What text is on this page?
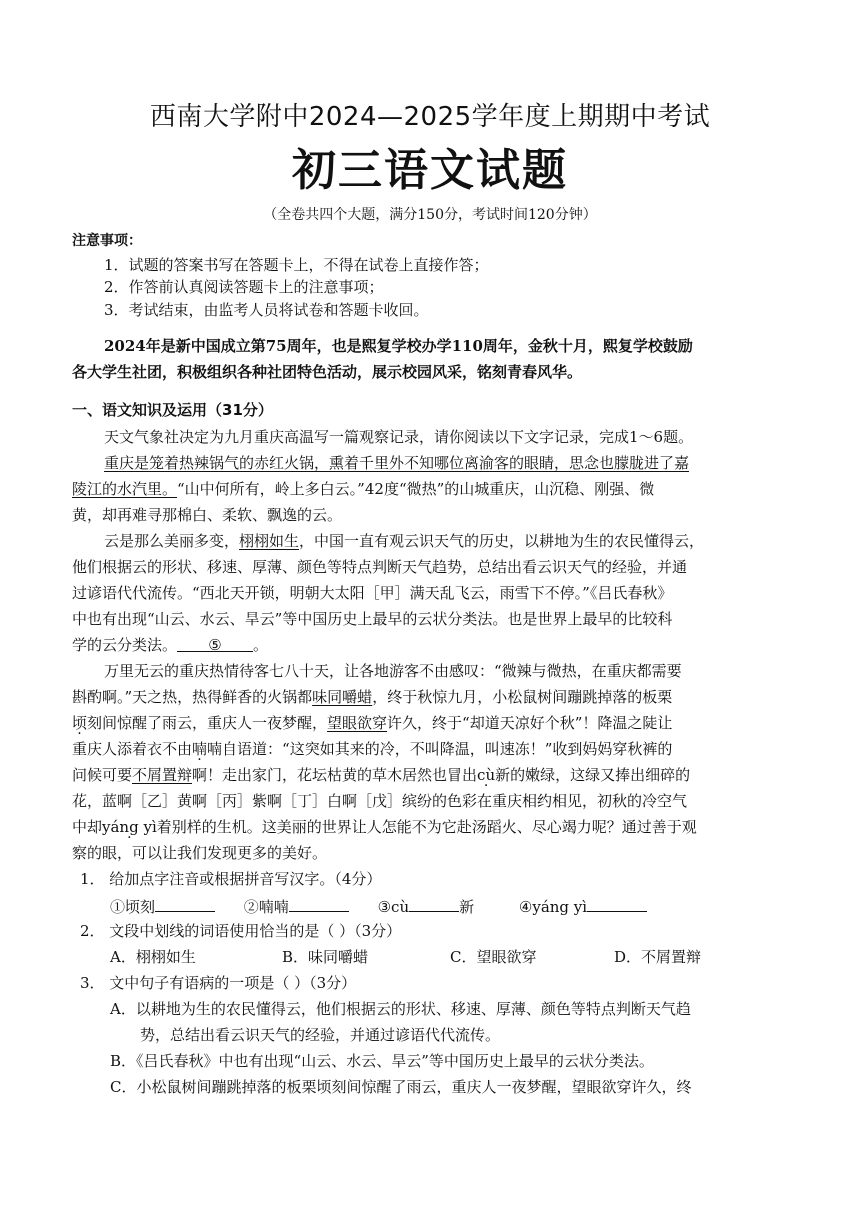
西南大学附中2024—2025学年度上期期中考试
初三语文试题
（全卷共四个大题，满分150分，考试时间120分钟）
注意事项：
1．试题的答案书写在答题卡上，不得在试卷上直接作答；
2．作答前认真阅读答题卡上的注意事项；
3．考试结束，由监考人员将试卷和答题卡收回。
2024年是新中国成立第75周年，也是熙复学校办学110周年，金秋十月，熙复学校鼓励
各大学生社团，积极组织各种社团特色活动，展示校园风采，铭刻青春风华。
一、语文知识及运用（31分）
天文气象社决定为九月重庆高温写一篇观察记录，请你阅读以下文字记录，完成1～6题。
重庆是笼着热辣锅气的赤红火锅，熏着千里外不知哪位离渝客的眼睛，思念也朦胧进了嘉
陵江的水汽里。“山中何所有，岭上多白云。”42度“微热”的山城重庆，山沉稳、刚强、微
黄，却再难寻那棉白、柔软、飘逸的云。
云是那么美丽多变，栩栩如生，中国一直有观云识天气的历史，以耕地为生的农民懂得云，
他们根据云的形状、移速、厚薄、颜色等特点判断天气趋势，总结出看云识天气的经验，并通
过谚语代代流传。“西北天开锁，明朝大太阳［甲］满天乱飞云，雨雪下不停。”《吕氏春秋》
中也有出现“山云、水云、旱云”等中国历史上最早的云状分类法。也是世界上最早的比较科
学的云分类法。 ⑤ 。
万里无云的重庆热情待客七八十天，让各地游客不由感叹：“微辣与微热，在重庆都需要
斟酌啊。”天之热，热得鲜香的火锅都味同嚼蜡，终于秋惊九月，小松鼠树间蹦跳掉落的板栗
顷刻间惊醒了雨云，重庆人一夜梦醒，望眼欲穿许久，终于“却道天凉好个秋”！降温之陡让
重庆人添着衣不由喃喃自语道：“这突如其来的冷，不叫降温，叫速冻！”收到妈妈穿秋裤的
问候可要不屑置辩啊！走出家门，花坛枯黄的草木居然也冒出cù ·新的嫩绿，这绿又捧出细碎的
花，蓝啊［乙］黄啊［丙］紫啊［丁］白啊［戊］缤纷的色彩在重庆相约相见，初秋的冷空气
中却yáng yì ·着别样的生机。这美丽的世界让人怎能不为它赴汤蹈火、尽心竭力呢？通过善于观
察的眼，可以让我们发现更多的美好。
1． 给加点字注音或根据拼音写汉字。（4分）
①顷刻	②喃喃	③cù	新	④yáng yì
2． 文段中划线的词语使用恰当的是（ ）（3分）
A．栩栩如生	B．味同嚼蜡	C．望眼欲穿	D．不屑置辩
3． 文中句子有语病的一项是（ ）（3分）
A．以耕地为生的农民懂得云，他们根据云的形状、移速、厚薄、颜色等特点判断天气趋
势，总结出看云识天气的经验，并通过谚语代代流传。
B．《吕氏春秋》中也有出现“山云、水云、旱云”等中国历史上最早的云状分类法。
C．小松鼠树间蹦跳掉落的板栗顷刻间惊醒了雨云，重庆人一夜梦醒，望眼欲穿许久，终
